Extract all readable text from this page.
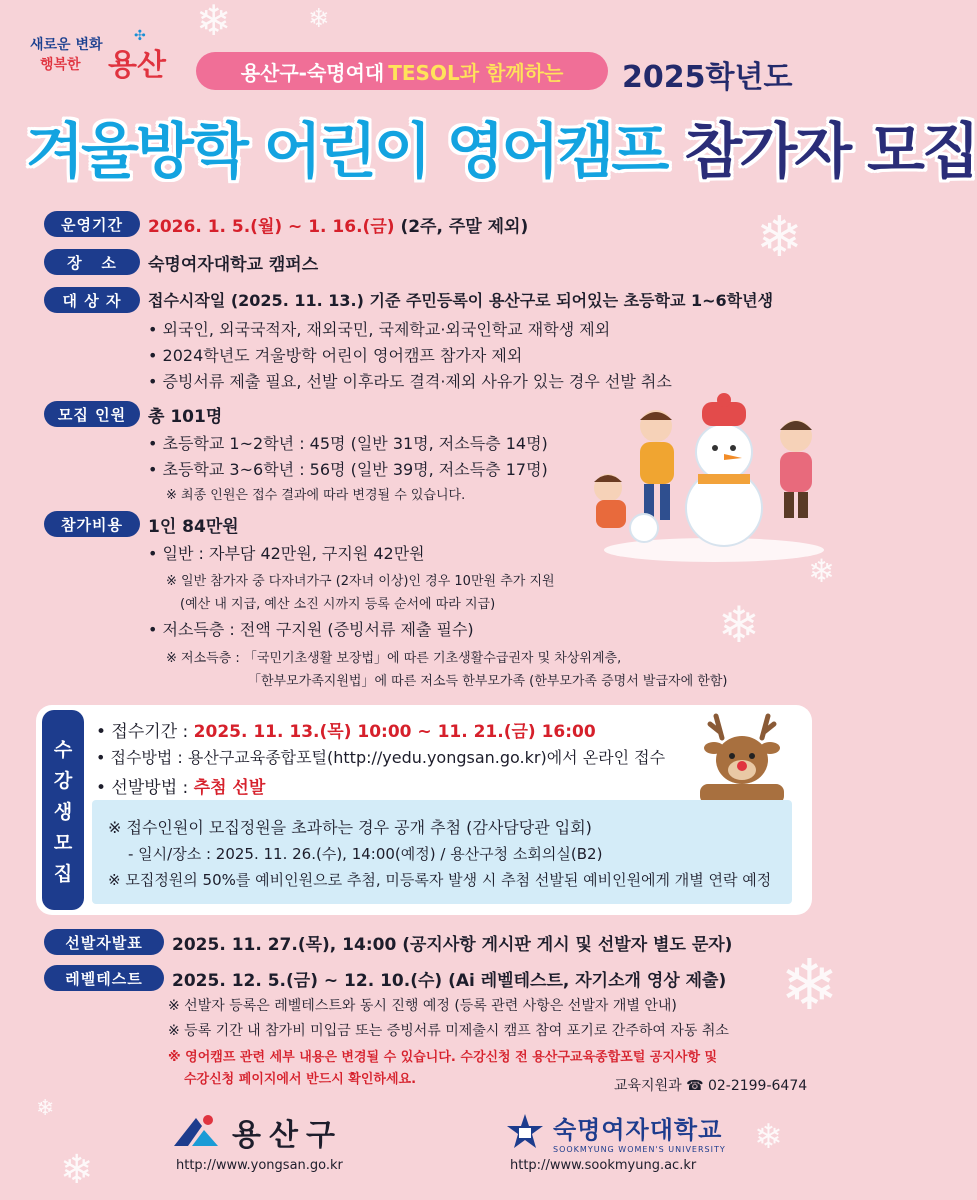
❄	❄
❄
❄
❄
❄
❄
❄
❄
새로운 변화
행복한 용산
✣
용산구-숙명여대 TESOL과 함께하는 2025학년도
겨울방학 어린이 영어캠프 참가자 모집
운영기간	2026. 1. 5.(월) ~ 1. 16.(금) (2주, 주말 제외)
장   소	숙명여자대학교 캠퍼스
대 상 자	접수시작일 (2025. 11. 13.) 기준 주민등록이 용산구로 되어있는 초등학교 1~6학년생
• 외국인, 외국국적자, 재외국민, 국제학교·외국인학교 재학생 제외
• 2024학년도 겨울방학 어린이 영어캠프 참가자 제외
• 증빙서류 제출 필요, 선발 이후라도 결격·제외 사유가 있는 경우 선발 취소
모집 인원	총 101명
• 초등학교 1~2학년 : 45명 (일반 31명, 저소득층 14명)
• 초등학교 3~6학년 : 56명 (일반 39명, 저소득층 17명)
※ 최종 인원은 접수 결과에 따라 변경될 수 있습니다.
참가비용	1인 84만원
• 일반 : 자부담 42만원, 구지원 42만원
※ 일반 참가자 중 다자녀가구 (2자녀 이상)인 경우 10만원 추가 지원
(예산 내 지급, 예산 소진 시까지 등록 순서에 따라 지급)
• 저소득층 : 전액 구지원 (증빙서류 제출 필수)
※ 저소득층 : 「국민기초생활 보장법」에 따른 기초생활수급권자 및 차상위계층,
「한부모가족지원법」에 따른 저소득 한부모가족 (한부모가족 증명서 발급자에 한함)
수
강
생
모
집
• 접수기간 : 2025. 11. 13.(목) 10:00 ~ 11. 21.(금) 16:00
• 접수방법 : 용산구교육종합포털(http://yedu.yongsan.go.kr)에서 온라인 접수
• 선발방법 : 추첨 선발
※ 접수인원이 모집정원을 초과하는 경우 공개 추첨 (감사담당관 입회)
- 일시/장소 : 2025. 11. 26.(수), 14:00(예정) / 용산구청 소회의실(B2)
※ 모집정원의 50%를 예비인원으로 추첨, 미등록자 발생 시 추첨 선발된 예비인원에게 개별 연락 예정
선발자발표	2025. 11. 27.(목), 14:00 (공지사항 게시판 게시 및 선발자 별도 문자)
레벨테스트	2025. 12. 5.(금) ~ 12. 10.(수) (Ai 레벨테스트, 자기소개 영상 제출)
※ 선발자 등록은 레벨테스트와 동시 진행 예정 (등록 관련 사항은 선발자 개별 안내)
※ 등록 기간 내 참가비 미입금 또는 증빙서류 미제출시 캠프 참여 포기로 간주하여 자동 취소
※ 영어캠프 관련 세부 내용은 변경될 수 있습니다. 수강신청 전 용산구교육종합포털 공지사항 및
수강신청 페이지에서 반드시 확인하세요.	교육지원과 ☎ 02-2199-6474
용산구
http://www.yongsan.go.kr
숙명여자대학교
SOOKMYUNG WOMEN'S UNIVERSITY
http://www.sookmyung.ac.kr
